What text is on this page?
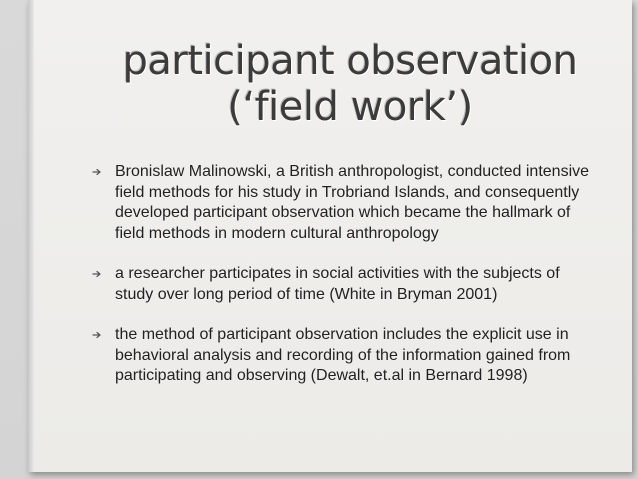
participant observation
(‘field work’)
Bronislaw Malinowski, a British anthropologist, conducted intensive field methods for his study in Trobriand Islands, and consequently developed participant observation which became the hallmark of field methods in modern cultural anthropology
a researcher participates in social activities with the subjects of study over long period of time (White in Bryman 2001)
the method of participant observation includes the explicit use in behavioral analysis and recording of the information gained from participating and observing (Dewalt, et.al in Bernard 1998)
